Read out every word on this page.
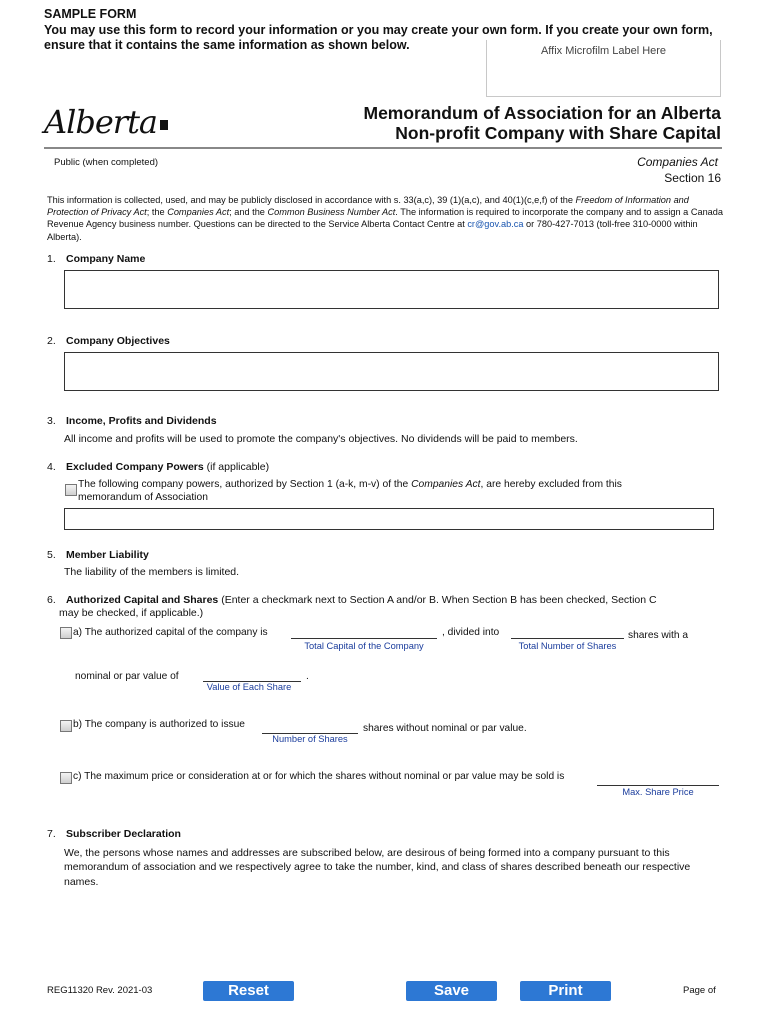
SAMPLE FORM
You may use this form to record your information or you may create your own form. If you create your own form, ensure that it contains the same information as shown below.	Affix Microfilm Label Here
Alberta	Memorandum of Association for an Alberta
Non-profit Company with Share Capital
Public (when completed)	Companies Act
Section 16
This information is collected, used, and may be publicly disclosed in accordance with s. 33(a,c), 39 (1)(a,c), and 40(1)(c,e,f) of the Freedom of Information and Protection of Privacy Act; the Companies Act; and the Common Business Number Act. The information is required to incorporate the company and to assign a Canada Revenue Agency business number. Questions can be directed to the Service Alberta Contact Centre at cr@gov.ab.ca or 780-427-7013 (toll-free 310-0000 within Alberta).
1. Company Name
2. Company Objectives
3. Income, Profits and Dividends
All income and profits will be used to promote the company's objectives. No dividends will be paid to members.
4. Excluded Company Powers (if applicable)
The following company powers, authorized by Section 1 (a-k, m-v) of the Companies Act, are hereby excluded from this
memorandum of Association
5. Member Liability
The liability of the members is limited.
6. Authorized Capital and Shares (Enter a checkmark next to Section A and/or B. When Section B has been checked, Section C
may be checked, if applicable.)
a) The authorized capital of the company is
Total Capital of the Company
, divided into
Total Number of Shares
shares with a
nominal or par value of
Value of Each Share
.
b) The company is authorized to issue
Number of Shares
shares without nominal or par value.
c) The maximum price or consideration at or for which the shares without nominal or par value may be sold is
Max. Share Price
7. Subscriber Declaration
We, the persons whose names and addresses are subscribed below, are desirous of being formed into a company pursuant to this memorandum of association and we respectively agree to take the number, kind, and class of shares described beneath our respective names.
REG11320 Rev. 2021-03	Reset	Save	Print	Page of
